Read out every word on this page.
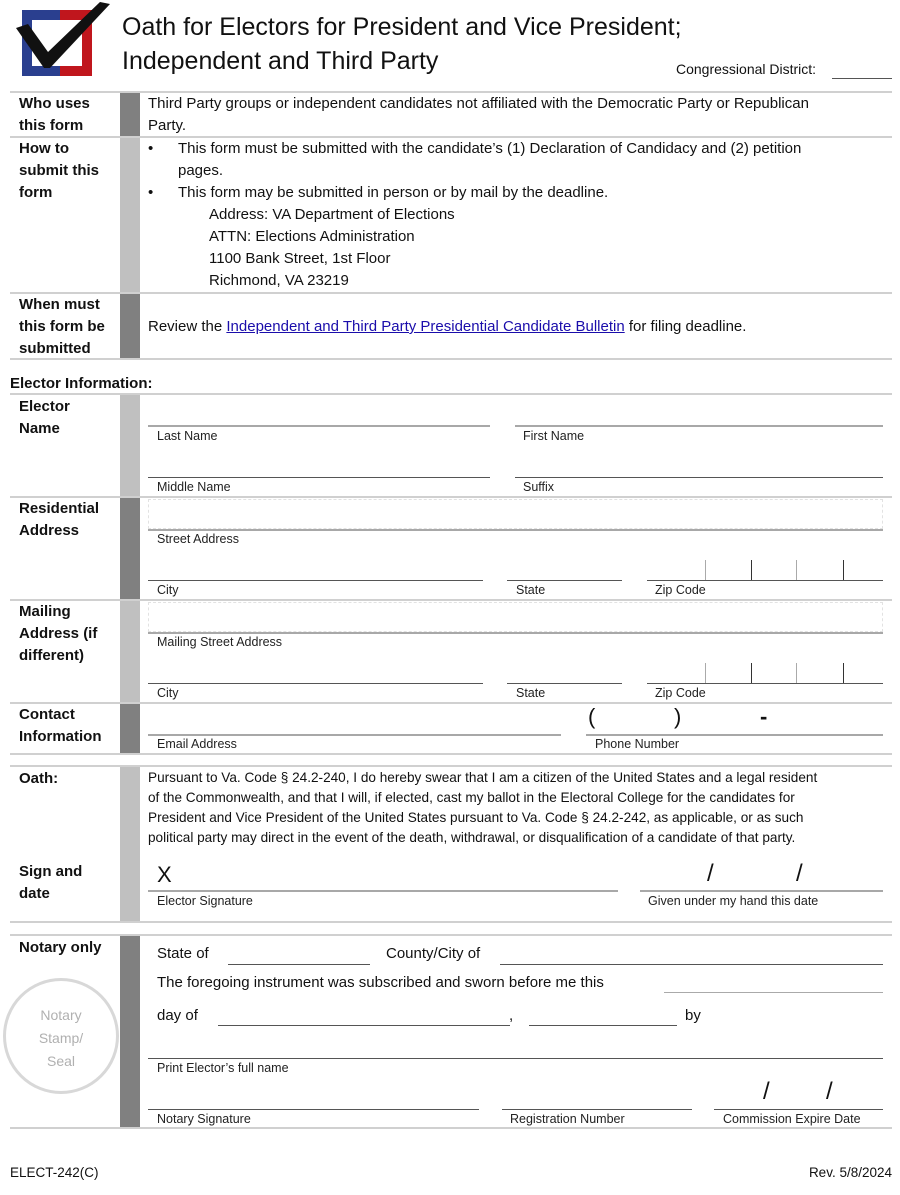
Oath for Electors for President and Vice President;
Independent and Third Party	Congressional District:
Who uses this form
Third Party groups or independent candidates not affiliated with the Democratic Party or Republican
Party.
How to submit this form
• This form must be submitted with the candidate’s (1) Declaration of Candidacy and (2) petition
pages.
• This form may be submitted in person or by mail by the deadline.
Address: VA Department of Elections
ATTN: Elections Administration
1100 Bank Street, 1st Floor
Richmond, VA 23219
When must this form be submitted
Review the Independent and Third Party Presidential Candidate Bulletin for filing deadline.
Elector Information:
Elector Name	Last Name	First Name
Middle Name	Suffix
Residential Address	Street Address
City	State	Zip Code
Mailing Address (if different)
Mailing Street Address
City	State	Zip Code
Contact Information	Email Address
(	)	-
Phone Number
Oath:	Pursuant to Va. Code § 24.2-240, I do hereby swear that I am a citizen of the United States and a legal resident
of the Commonwealth, and that I will, if elected, cast my ballot in the Electoral College for the candidates for
President and Vice President of the United States pursuant to Va. Code § 24.2-242, as applicable, or as such
political party may direct in the event of the death, withdrawal, or disqualification of a candidate of that party.
Sign and date
X
Elector Signature
/	/
Given under my hand this date
Notary only
Notary
Stamp/
Seal
State of	County/City of
The foregoing instrument was subscribed and sworn before me this
day of	,	by
Print Elector’s full name
Notary Signature	Registration Number
/ /
Commission Expire Date
ELECT-242(C)	Rev. 5/8/2024
